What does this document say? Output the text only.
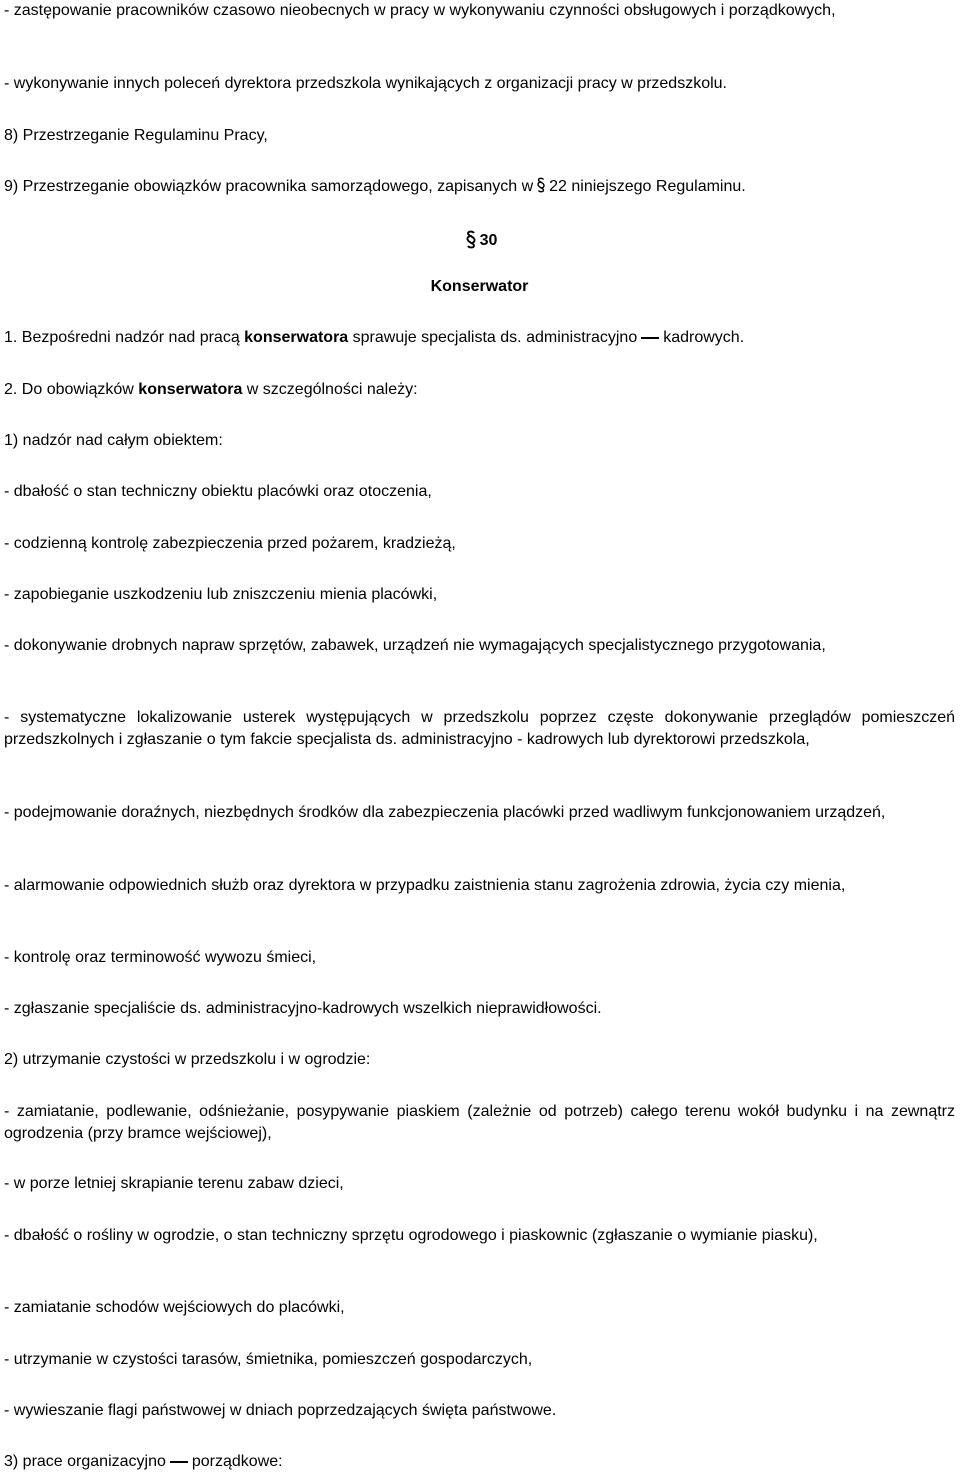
- zastępowanie pracowników czasowo nieobecnych w pracy w wykonywaniu czynności obsługowych i porządkowych,

- wykonywanie innych poleceń dyrektora przedszkola wynikających z organizacji pracy w przedszkolu.

8) Przestrzeganie Regulaminu Pracy,

9) Przestrzeganie obowiązków pracownika samorządowego, zapisanych w 22 niniejszego Regulaminu.

30

Konserwator

1. Bezpośredni nadzór nad pracą konserwatora sprawuje specjalista ds. administracyjno kadrowych.

2. Do obowiązków konserwatora w szczególności należy:

1) nadzór nad całym obiektem:

- dbałość o stan techniczny obiektu placówki oraz otoczenia,

- codzienną kontrolę zabezpieczenia przed pożarem, kradzieżą,

- zapobieganie uszkodzeniu lub zniszczeniu mienia placówki,

- dokonywanie drobnych napraw sprzętów, zabawek, urządzeń nie wymagających specjalistycznego przygotowania,

- systematyczne lokalizowanie usterek występujących w przedszkolu poprzez częste dokonywanie przeglądów pomieszczeń przedszkolnych i zgłaszanie o tym fakcie specjalista ds. administracyjno - kadrowych lub dyrektorowi przedszkola,

- podejmowanie doraźnych, niezbędnych środków dla zabezpieczenia placówki przed wadliwym funkcjonowaniem urządzeń,

- alarmowanie odpowiednich służb oraz dyrektora w przypadku zaistnienia stanu zagrożenia zdrowia, życia czy mienia,

- kontrolę oraz terminowość wywozu śmieci,

- zgłaszanie specjaliście ds. administracyjno-kadrowych wszelkich nieprawidłowości.

2) utrzymanie czystości w przedszkolu i w ogrodzie:

- zamiatanie, podlewanie, odśnieżanie, posypywanie piaskiem (zależnie od potrzeb) całego terenu wokół budynku i na zewnątrz ogrodzenia (przy bramce wejściowej),

- w porze letniej skrapianie terenu zabaw dzieci,

- dbałość o rośliny w ogrodzie, o stan techniczny sprzętu ogrodowego i piaskownic (zgłaszanie o wymianie piasku),

- zamiatanie schodów wejściowych do placówki,

- utrzymanie w czystości tarasów, śmietnika, pomieszczeń gospodarczych,

- wywieszanie flagi państwowej w dniach poprzedzających święta państwowe.

3) prace organizacyjno porządkowe:
